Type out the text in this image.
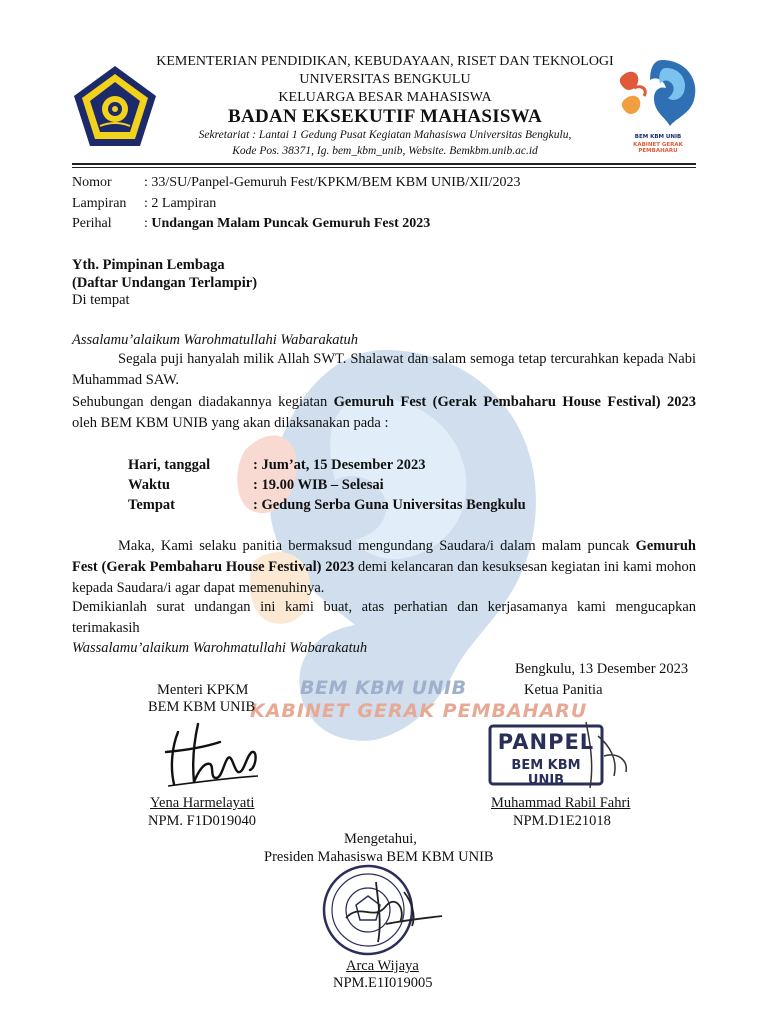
BEM KBM UNIB
KABINET GERAK PEMBAHARU
BEM KBM UNIB
KABINET GERAK PEMBAHARU
KEMENTERIAN PENDIDIKAN, KEBUDAYAAN, RISET DAN TEKNOLOGI
UNIVERSITAS BENGKULU
KELUARGA BESAR MAHASISWA
BADAN EKSEKUTIF MAHASISWA
Sekretariat : Lantai 1 Gedung Pusat Kegiatan Mahasiswa Universitas Bengkulu,
Kode Pos. 38371, Ig. bem_kbm_unib, Website. Bemkbm.unib.ac.id
Nomor : 33/SU/Panpel-Gemuruh Fest/KPKM/BEM KBM UNIB/XII/2023
Lampiran : 2 Lampiran
Perihal : Undangan Malam Puncak Gemuruh Fest 2023
Yth. Pimpinan Lembaga
(Daftar Undangan Terlampir)
Di tempat
Assalamu’alaikum Warohmatullahi Wabarakatuh
Segala puji hanyalah milik Allah SWT. Shalawat dan salam semoga tetap tercurahkan kepada Nabi Muhammad SAW.
Sehubungan dengan diadakannya kegiatan Gemuruh Fest (Gerak Pembaharu House Festival) 2023 oleh BEM KBM UNIB yang akan dilaksanakan pada :
Hari, tanggal	: Jum’at, 15 Desember 2023
Waktu	: 19.00 WIB – Selesai
Tempat	: Gedung Serba Guna Universitas Bengkulu
Maka, Kami selaku panitia bermaksud mengundang Saudara/i dalam malam puncak Gemuruh Fest (Gerak Pembaharu House Festival) 2023 demi kelancaran dan kesuksesan kegiatan ini kami mohon kepada Saudara/i agar dapat memenuhinya.
Demikianlah surat undangan ini kami buat, atas perhatian dan kerjasamanya kami mengucapkan terimakasih
Wassalamu’alaikum Warohmatullahi Wabarakatuh
Bengkulu, 13 Desember 2023
Menteri KPKM
BEM KBM UNIB
Ketua Panitia
PANPEL
BEM KBM UNIB
Yena Harmelayati
NPM. F1D019040
Muhammad Rabil Fahri
NPM.D1E21018
Mengetahui,
Presiden Mahasiswa BEM KBM UNIB
Arca Wijaya
NPM.E1I019005
